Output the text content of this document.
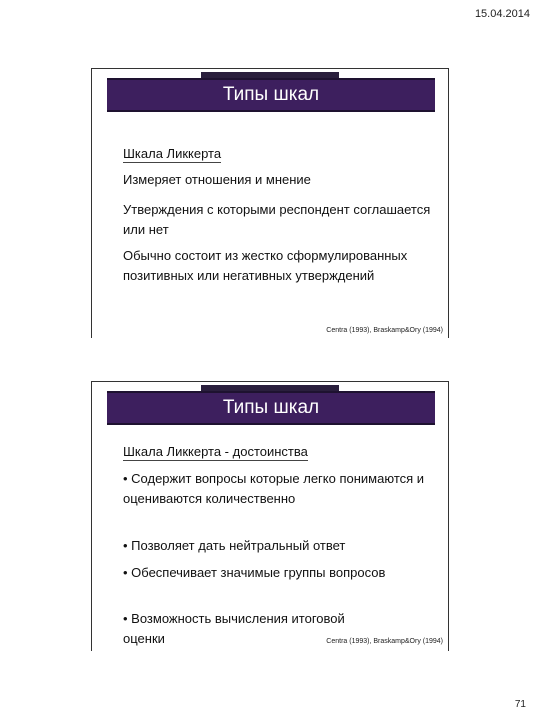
15.04.2014
Типы шкал
Шкала Ликкерта
Измеряет отношения и мнение
Утверждения с которыми респондент соглашается или нет
Обычно состоит из жестко сформулированных позитивных или негативных утверждений
Centra (1993), Braskamp&Ory (1994)
Типы шкал
Шкала Ликкерта - достоинства
• Содержит вопросы которые легко понимаются и оцениваются количественно
• Позволяет дать нейтральный ответ
• Обеспечивает значимые группы вопросов
• Возможность вычисления итоговой оценки	Centra (1993), Braskamp&Ory (1994)
71
